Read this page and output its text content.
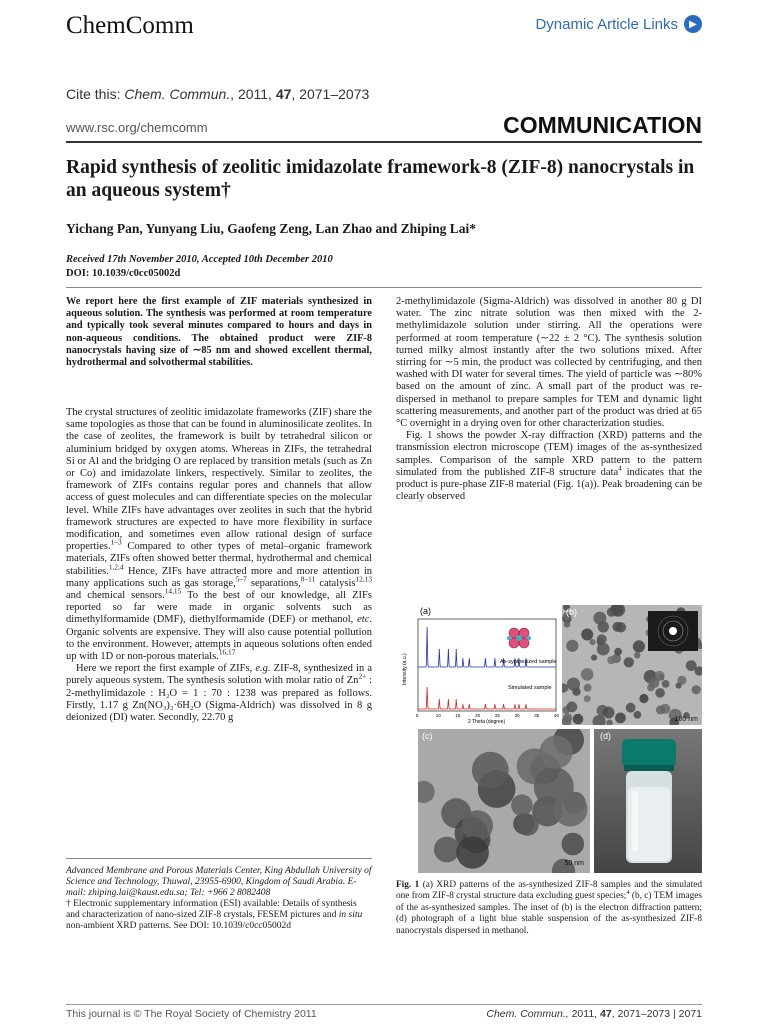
ChemComm	Dynamic Article Links	▶
Cite this: Chem. Commun., 2011, 47, 2071–2073
www.rsc.org/chemcomm	COMMUNICATION
Rapid synthesis of zeolitic imidazolate framework-8 (ZIF-8) nanocrystals in an aqueous system†
Yichang Pan, Yunyang Liu, Gaofeng Zeng, Lan Zhao and Zhiping Lai*
Received 17th November 2010, Accepted 10th December 2010
DOI: 10.1039/c0cc05002d
We report here the first example of ZIF materials synthesized in aqueous solution. The synthesis was performed at room temperature and typically took several minutes compared to hours and days in non-aqueous conditions. The obtained product were ZIF-8 nanocrystals having size of ∼85 nm and showed excellent thermal, hydrothermal and solvothermal stabilities.

The crystal structures of zeolitic imidazolate frameworks (ZIF) share the same topologies as those that can be found in aluminosilicate zeolites. In the case of zeolites, the framework is built by tetrahedral silicon or aluminium bridged by oxygen atoms. Whereas in ZIFs, the tetrahedral Si or Al and the bridging O are replaced by transition metals (such as Zn or Co) and imidazolate linkers, respectively. Similar to zeolites, the framework of ZIFs contains regular pores and channels that allow access of guest molecules and can differentiate species on the molecular level. While ZIFs have advantages over zeolites in such that the hybrid framework structures are expected to have more flexibility in surface modification, and sometimes even allow rational design of surface properties.$^{1-3}$ Compared to other types of metal–organic framework materials, ZIFs often showed better thermal, hydrothermal and chemical stabilities.$^{1,2,4}$ Hence, ZIFs have attracted more and more attention in many applications such as gas storage,$^{5-7}$ separations,$^{8-11}$ catalysis$^{12,13}$ and chemical sensors.$^{14,15}$ To the best of our knowledge, all ZIFs reported so far were made in organic solvents such as dimethylformamide (DMF), diethylformamide (DEF) or methanol, etc. Organic solvents are expensive. They will also cause potential pollution to the environment. However, attempts in aqueous solutions often ended up with 1D or non-porous materials.$^{16,17}$

Here we report the first example of ZIFs, e.g. ZIF-8, synthesized in a purely aqueous system. The synthesis solution with molar ratio of $Zn^{2+}$ : 2-methylimidazole : H₂O = 1 : 70 : 1238 was prepared as follows. Firstly, 1.17 g Zn(NO₃)₂·6H₂O (Sigma-Aldrich) was dissolved in 8 g deionized (DI) water. Secondly, 22.70 g

Advanced Membrane and Porous Materials Center, King Abdullah University of Science and Technology, Thuwal, 23955-6900, Kingdom of Saudi Arabia. E-mail: zhiping.lai@kaust.edu.sa; Tel: +966 2 8082408
† Electronic supplementary information (ESI) available: Details of synthesis and characterization of nano-sized ZIF-8 crystals, FESEM pictures and in situ non-ambient XRD patterns. See DOI: 10.1039/c0cc05002d

2-methylimidazole (Sigma-Aldrich) was dissolved in another 80 g DI water. The zinc nitrate solution was then mixed with the 2-methylimidazole solution under stirring. All the operations were performed at room temperature (∼22 ± 2 °C). The synthesis solution turned milky almost instantly after the two solutions mixed. After stirring for ∼5 min, the product was collected by centrifuging, and then washed with DI water for several times. The yield of particle was ∼80% based on the amount of zinc. A small part of the product was re-dispersed in methanol to prepare samples for TEM and dynamic light scattering measurements, and another part of the product was dried at 65 °C overnight in a drying oven for other characterization studies.

Fig. 1 shows the powder X-ray diffraction (XRD) patterns and the transmission electron microscope (TEM) images of the as-synthesized samples. Comparison of the sample XRD pattern to the pattern simulated from the published ZIF-8 structure data$^4$ indicates that the product is pure-phase ZIF-8 material (Fig. 1(a)). Peak broadening can be clearly observed

As-synthesized sample
Simulated sample
Intensity (a.u.)
2 Theta (degree)
5	10	15	20	25	30	35	40
(a)	(b)
100 nm
(c)
50 nm
(d)
Fig. 1 (a) XRD patterns of the as-synthesized ZIF-8 samples and the simulated one from ZIF-8 crystal structure data excluding guest species;$^4$ (b, c) TEM images of the as-synthesized samples. The inset of (b) is the electron diffraction pattern; (d) photograph of a light blue stable suspension of the as-synthesized ZIF-8 nanocrystals dispersed in methanol.
This journal is © The Royal Society of Chemistry 2011	Chem. Commun., 2011, 47, 2071–2073 | 2071
